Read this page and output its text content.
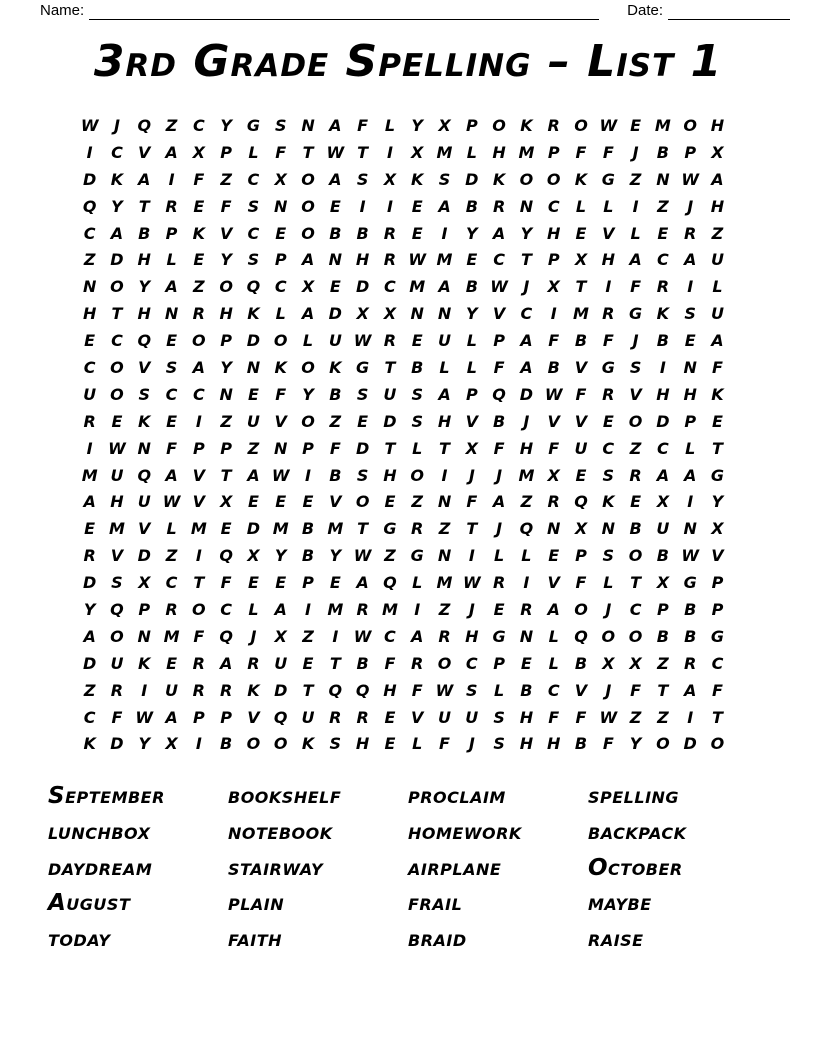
Name:	Date:
3rd Grade Spelling – List 1
W J	Q Z C Y G S N A F	L	Y X P O K R O W E M O H
I	C V A X P	L	F	T W T	I	X M L H M P F	F	J	B P X
D K A	I	F	Z C X O A S X K S D K O O K G Z N W A
Q Y	T R E	F	S N O E	I	I	E A B R N C	L	L	I	Z	J	H
C A B P K V C E O B B R E	I	Y A Y H E V	L	E R Z
Z D H L	E	Y S P A N H R W M E C T P X H A C A U
N O Y A Z O Q C X E D C M A B W J	X T	I	F R	I	L
H T H N R H K	L	A D X X N N Y V C	I	M R G K S U
E C Q E O P D O L U W R E U L	P A F B F	J	B E A
C O V S A Y N K O K G T B	L	L	F A B V G S	I	N F
U O S C C N E	F	Y B S U S A P Q D W F R V H H K
R E K E	I	Z U V O Z	E D S H V B	J	V V E O D P E
I W N F P P Z N P F D T	L	T X F H F U C Z C	L	T
M U Q A V T A W I	B S H O	I	J	J	M X E	S R A A G
A H U W V X E	E	E V O E	Z N F A Z R Q K E X	I	Y
E M V	L M E D M B M T G R Z	T	J	Q N X N B U N X
R V D Z	I	Q X Y B Y W Z G N	I	L	L	E P S O B W V
D S X C T	F	E	E P E A Q L M W R	I	V F	L	T X G P
Y Q P R O C	L	A	I	M R M	I	Z	J	E R A O	J	C P B P
A O N M F Q	J	X Z	I W C A R H G N L Q O O B B G
D U K E R A R U E	T B F R O C P E	L	B X X Z R C
Z R	I	U R R K D T Q Q H F W S	L	B C V	J	F	T A F
C F W A P P V Q U R R E V U U S H F	F W Z Z	I	T
K D Y X	I	B O O K S H E	L	F	J	S H H B F	Y O D O
September
lunchbox
daydream
August
today
bookshelf
notebook
stairway
plain
faith
proclaim
homework
airplane
frail
braid
spelling
backpack
October
maybe
raise
